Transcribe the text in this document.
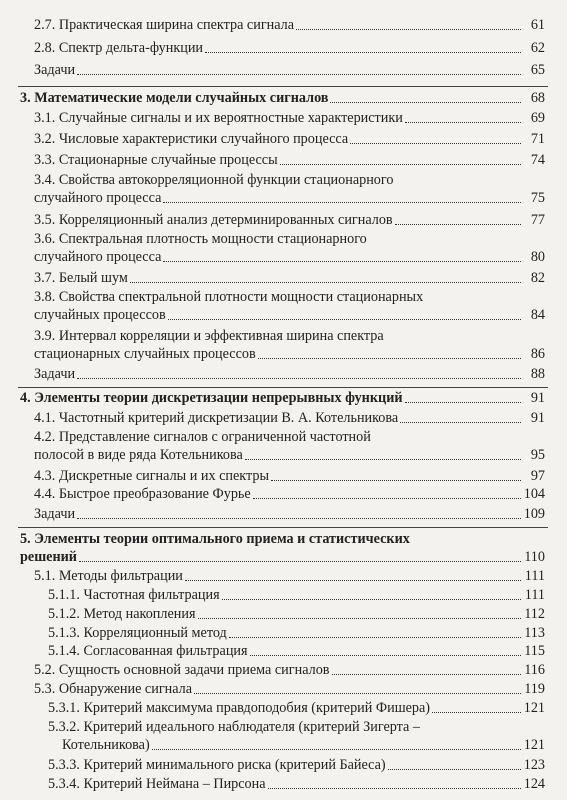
2.7. Практическая ширина спектра сигнала	61
2.8. Спектр дельта-функции	62
Задачи	65
3. Математические модели случайных сигналов	68
3.1. Случайные сигналы и их вероятностные характеристики	69
3.2. Числовые характеристики случайного процесса	71
3.3. Стационарные случайные процессы	74
3.4. Свойства автокорреляционной функции стационарного
случайного процесса	75
3.5. Корреляционный анализ детерминированных сигналов	77
3.6. Спектральная плотность мощности стационарного
случайного процесса	80
3.7. Белый шум	82
3.8. Свойства спектральной плотности мощности стационарных
случайных процессов	84
3.9. Интервал корреляции и эффективная ширина спектра
стационарных случайных процессов	86
Задачи	88
4. Элементы теории дискретизации непрерывных функций	91
4.1. Частотный критерий дискретизации В. А. Котельникова	91
4.2. Представление сигналов с ограниченной частотной
полосой в виде ряда Котельникова	95
4.3. Дискретные сигналы и их спектры	97
4.4. Быстрое преобразование Фурье	104
Задачи	109
5. Элементы теории оптимального приема и статистических
решений	110
5.1. Методы фильтрации	111
5.1.1. Частотная фильтрация	111
5.1.2. Метод накопления	112
5.1.3. Корреляционный метод	113
5.1.4. Согласованная фильтрация	115
5.2. Сущность основной задачи приема сигналов	116
5.3. Обнаружение сигнала	119
5.3.1. Критерий максимума правдоподобия (критерий Фишера)	121
5.3.2. Критерий идеального наблюдателя (критерий Зигерта –
Котельникова)	121
5.3.3. Критерий минимального риска (критерий Байеса)	123
5.3.4. Критерий Неймана – Пирсона	124
